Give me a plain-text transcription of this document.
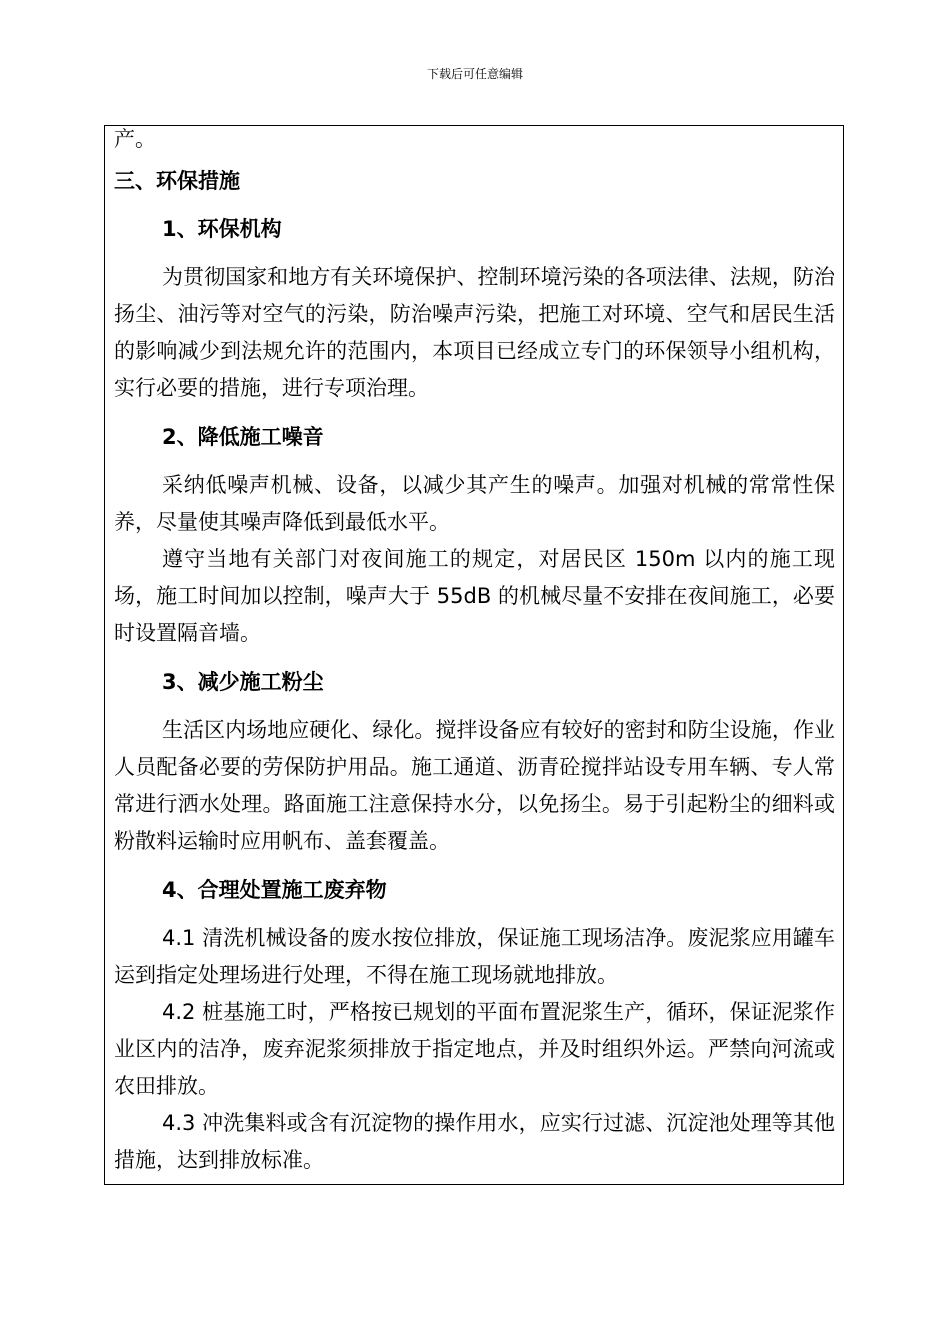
下载后可任意编辑

产。

三、环保措施
1、环保机构

为贯彻国家和地方有关环境保护、控制环境污染的各项法律、法规，防治扬尘、油污等对空气的污染，防治噪声污染，把施工对环境、空气和居民生活的影响减少到法规允许的范围内，本项目已经成立专门的环保领导小组机构，实行必要的措施，进行专项治理。

2、降低施工噪音

采纳低噪声机械、设备，以减少其产生的噪声。加强对机械的常常性保养，尽量使其噪声降低到最低水平。

遵守当地有关部门对夜间施工的规定，对居民区 150m 以内的施工现场，施工时间加以控制，噪声大于 55dB 的机械尽量不安排在夜间施工，必要时设置隔音墙。

3、减少施工粉尘

生活区内场地应硬化、绿化。搅拌设备应有较好的密封和防尘设施，作业人员配备必要的劳保防护用品。施工通道、沥青砼搅拌站设专用车辆、专人常常进行洒水处理。路面施工注意保持水分，以免扬尘。易于引起粉尘的细料或粉散料运输时应用帆布、盖套覆盖。

4、合理处置施工废弃物

4.1 清洗机械设备的废水按位排放，保证施工现场洁净。废泥浆应用罐车运到指定处理场进行处理，不得在施工现场就地排放。

4.2 桩基施工时，严格按已规划的平面布置泥浆生产，循环，保证泥浆作业区内的洁净，废弃泥浆须排放于指定地点，并及时组织外运。严禁向河流或农田排放。

4.3 冲洗集料或含有沉淀物的操作用水，应实行过滤、沉淀池处理等其他措施，达到排放标准。
